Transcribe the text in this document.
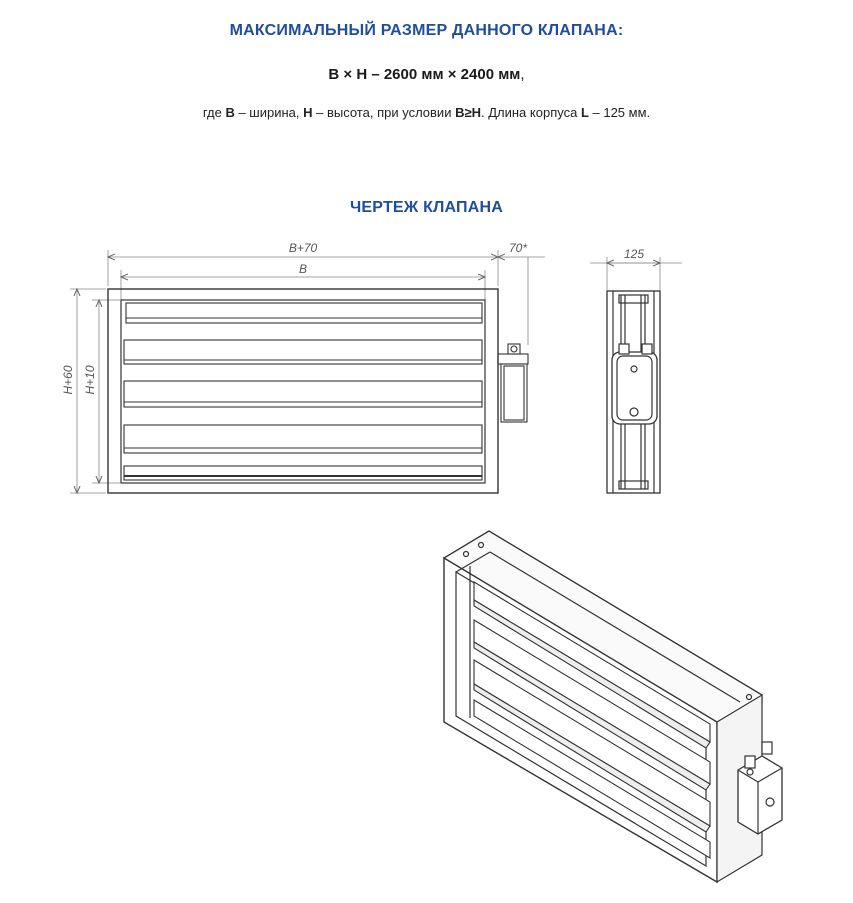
МАКСИМАЛЬНЫЙ РАЗМЕР ДАННОГО КЛАПАНА:
B × H – 2600 мм × 2400 мм,
где B – ширина, H – высота, при условии B≥H. Длина корпуса L – 125 мм.
ЧЕРТЕЖ КЛАПАНА
B+70
B
70*
H+60 H+10
125
